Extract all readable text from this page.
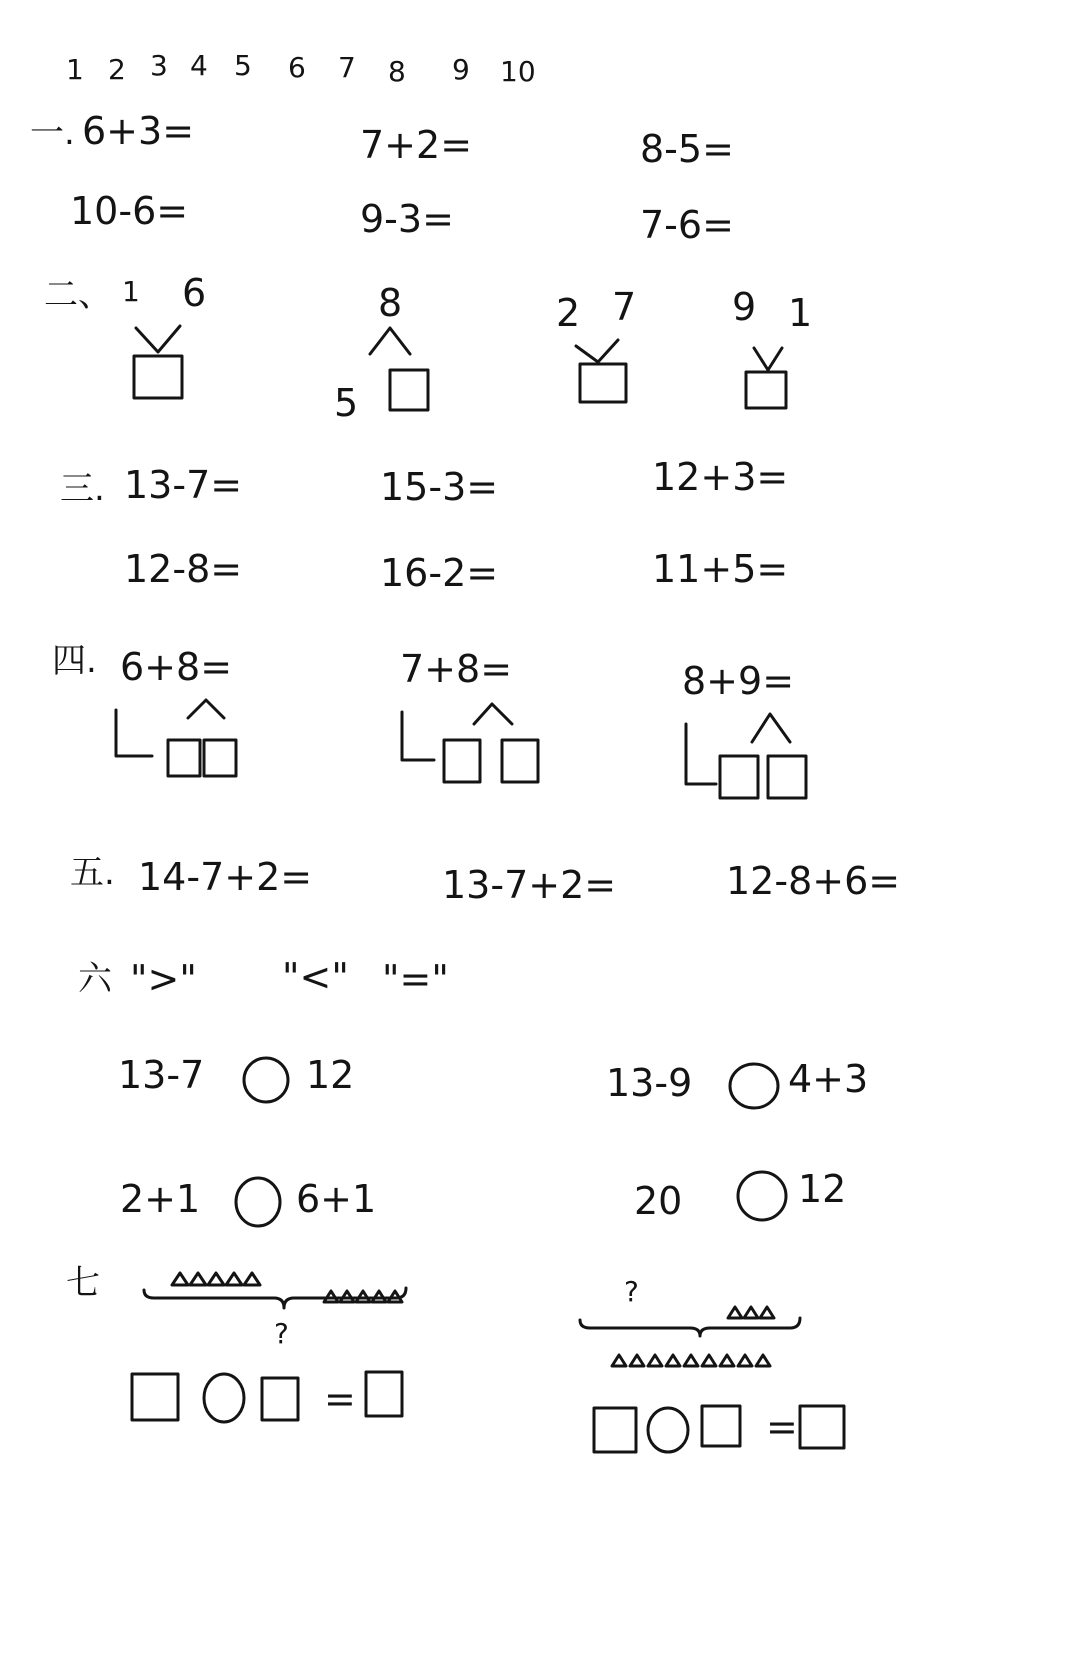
1 2 3 4 5 6 7 8 9 10
一. 6+3=	7+2=	8-5=
10-6=	9-3=	7-6=
二、 1 6	8
5
2 7	9 1
三. 13-7=	15-3=	12+3=
12-8=	16-2=	11+5=
四. 6+8=	7+8=	8+9=
五. 14-7+2=	13-7+2=	12-8+6=
六 ">" "<" "="
13-7	12	13-9	4+3
2+1	6+1	20	12
七
?
=
?
=
